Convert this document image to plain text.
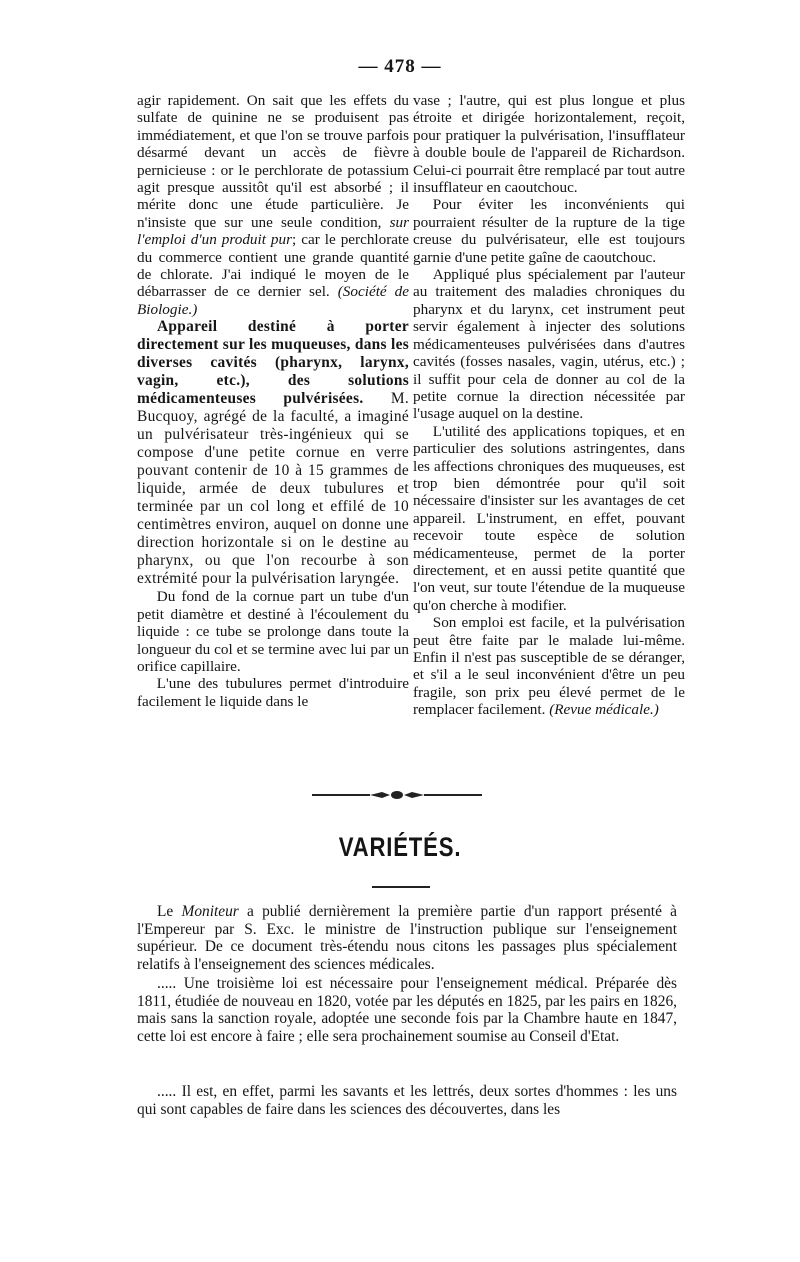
— 478 —

agir rapidement. On sait que les effets du sulfate de quinine ne se produisent pas immédiatement, et que l'on se trouve parfois désarmé devant un accès de fièvre pernicieuse : or le perchlorate de potassium agit presque aussitôt qu'il est absorbé ; il mérite donc une étude particulière. Je n'insiste que sur une seule condition, sur l'emploi d'un produit pur; car le perchlorate du commerce contient une grande quantité de chlorate. J'ai indiqué le moyen de le débarrasser de ce dernier sel. (Société de Biologie.)

Appareil destiné à porter directement sur les muqueuses, dans les diverses cavités (pharynx, larynx, vagin, etc.), des solutions médicamenteuses pulvérisées. M. Bucquoy, agrégé de la faculté, a imaginé un pulvérisateur très-ingénieux qui se compose d'une petite cornue en verre pouvant contenir de 10 à 15 grammes de liquide, armée de deux tubulures et terminée par un col long et effilé de 10 centimètres environ, auquel on donne une direction horizontale si on le destine au pharynx, ou que l'on recourbe à son extrémité pour la pulvérisation laryngée.

Du fond de la cornue part un tube d'un petit diamètre et destiné à l'écoulement du liquide : ce tube se prolonge dans toute la longueur du col et se termine avec lui par un orifice capillaire.

L'une des tubulures permet d'introduire facilement le liquide dans le

vase ; l'autre, qui est plus longue et plus étroite et dirigée horizontalement, reçoit, pour pratiquer la pulvérisation, l'insufflateur à double boule de l'appareil de Richardson. Celui-ci pourrait être remplacé par tout autre insufflateur en caoutchouc.

Pour éviter les inconvénients qui pourraient résulter de la rupture de la tige creuse du pulvérisateur, elle est toujours garnie d'une petite gaîne de caoutchouc.

Appliqué plus spécialement par l'auteur au traitement des maladies chroniques du pharynx et du larynx, cet instrument peut servir également à injecter des solutions médicamenteuses pulvérisées dans d'autres cavités (fosses nasales, vagin, utérus, etc.) ; il suffit pour cela de donner au col de la petite cornue la direction nécessitée par l'usage auquel on la destine.

L'utilité des applications topiques, et en particulier des solutions astringentes, dans les affections chroniques des muqueuses, est trop bien démontrée pour qu'il soit nécessaire d'insister sur les avantages de cet appareil. L'instrument, en effet, pouvant recevoir toute espèce de solution médicamenteuse, permet de la porter directement, et en aussi petite quantité que l'on veut, sur toute l'étendue de la muqueuse qu'on cherche à modifier.

Son emploi est facile, et la pulvérisation peut être faite par le malade lui-même. Enfin il n'est pas susceptible de se déranger, et s'il a le seul inconvénient d'être un peu fragile, son prix peu élevé permet de le remplacer facilement. (Revue médicale.)

VARIÉTÉS.

Le Moniteur a publié dernièrement la première partie d'un rapport présenté à l'Empereur par S. Exc. le ministre de l'instruction publique sur l'enseignement supérieur. De ce document très-étendu nous citons les passages plus spécialement relatifs à l'enseignement des sciences médicales.

..... Une troisième loi est nécessaire pour l'enseignement médical. Préparée dès 1811, étudiée de nouveau en 1820, votée par les députés en 1825, par les pairs en 1826, mais sans la sanction royale, adoptée une seconde fois par la Chambre haute en 1847, cette loi est encore à faire ; elle sera prochainement soumise au Conseil d'Etat.

..... Il est, en effet, parmi les savants et les lettrés, deux sortes d'hommes : les uns qui sont capables de faire dans les sciences des découvertes, dans les
